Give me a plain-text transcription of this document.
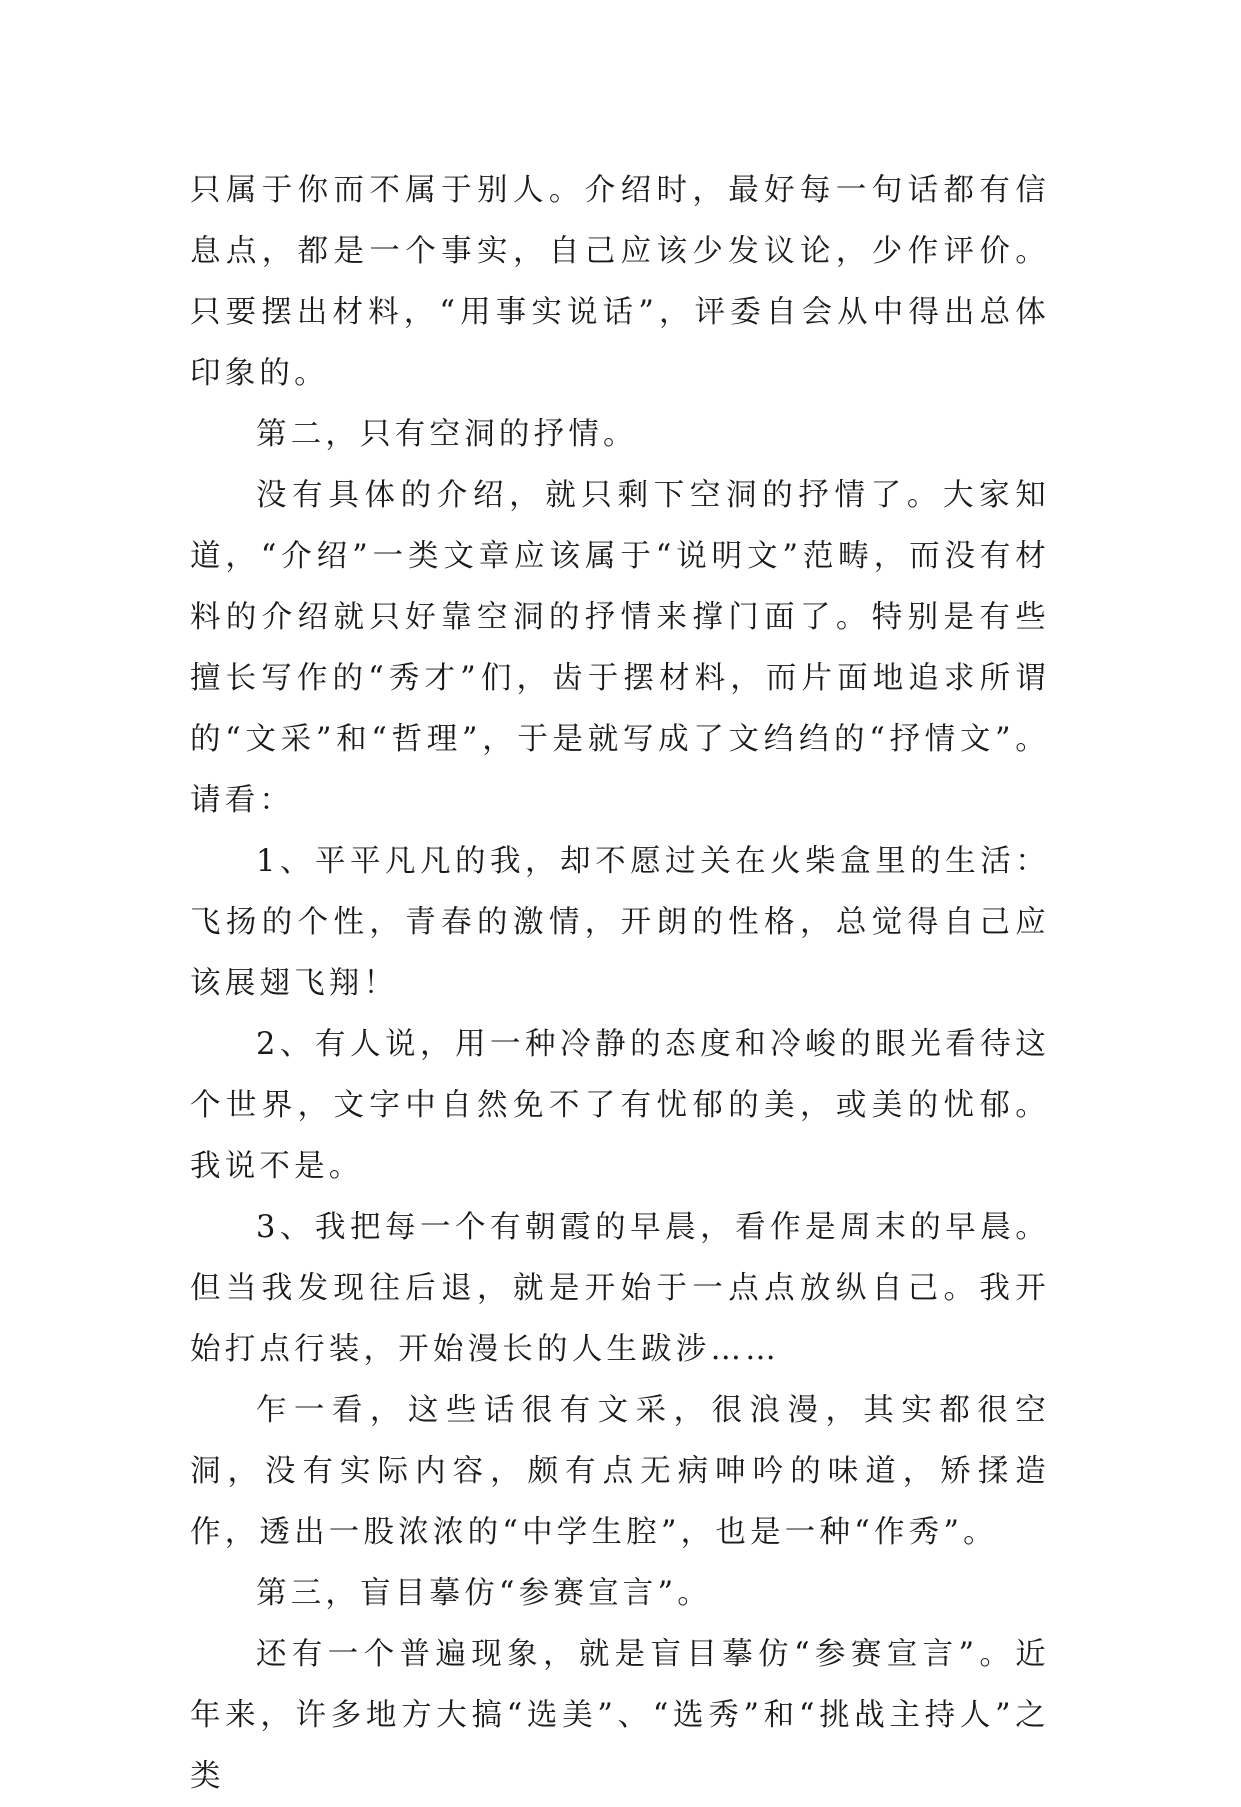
只属于你而不属于别人。介绍时，最好每一句话都有信息点，都是一个事实，自己应该少发议论，少作评价。只要摆出材料，“用事实说话”，评委自会从中得出总体印象的。

第二，只有空洞的抒情。

没有具体的介绍，就只剩下空洞的抒情了。大家知道，“介绍”一类文章应该属于“说明文”范畴，而没有材料的介绍就只好靠空洞的抒情来撑门面了。特别是有些擅长写作的“秀才”们，齿于摆材料，而片面地追求所谓的“文采”和“哲理”，于是就写成了文绉绉的“抒情文”。请看：

1、平平凡凡的我，却不愿过关在火柴盒里的生活：飞扬的个性，青春的激情，开朗的性格，总觉得自己应该展翅飞翔！

2、有人说，用一种冷静的态度和冷峻的眼光看待这个世界，文字中自然免不了有忧郁的美，或美的忧郁。我说不是。

3、我把每一个有朝霞的早晨，看作是周末的早晨。但当我发现往后退，就是开始于一点点放纵自己。我开始打点行装，开始漫长的人生跋涉……

乍一看，这些话很有文采，很浪漫，其实都很空洞，没有实际内容，颇有点无病呻吟的味道，矫揉造作，透出一股浓浓的“中学生腔”，也是一种“作秀”。

第三，盲目摹仿“参赛宣言”。

还有一个普遍现象，就是盲目摹仿“参赛宣言”。近年来，许多地方大搞“选美”、“选秀”和“挑战主持人”之类
